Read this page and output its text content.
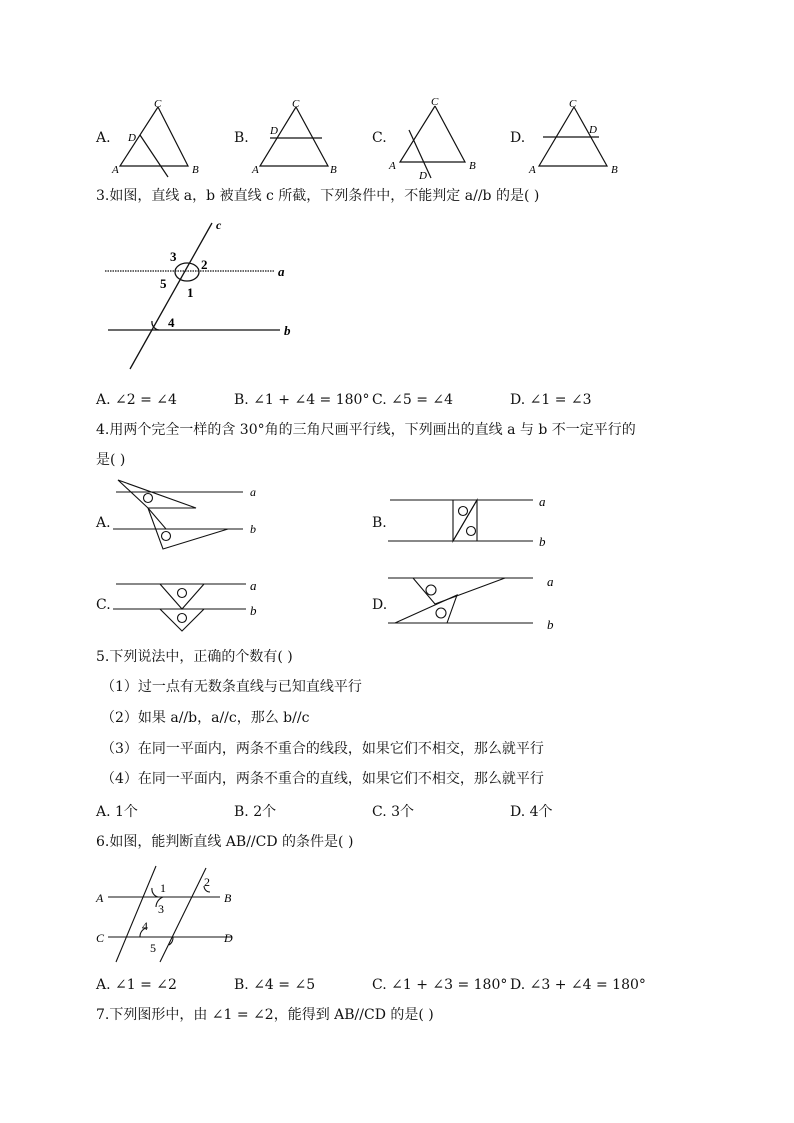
A.
C
D
A	B
B.
C
D
A	B
C.
C
A	B
D
D.
C
D
A	B
3.如图，直线 a，b 被直线 c 所截，下列条件中，不能判定 a//b 的是( )
c
a
b
3
2
5
1
4
A. ∠2 = ∠4	B. ∠1 + ∠4 = 180° C. ∠5 = ∠4	D. ∠1 = ∠3
4.用两个完全一样的含 30°角的三角尺画平行线，下列画出的直线 a 与 b 不一定平行的
是( )
A.
a
b	B.
a
b
C.
a
b	D.
a
b
5.下列说法中，正确的个数有( )
（1）过一点有无数条直线与已知直线平行
（2）如果 a//b，a//c，那么 b//c
（3）在同一平面内，两条不重合的线段，如果它们不相交，那么就平行
（4）在同一平面内，两条不重合的直线，如果它们不相交，那么就平行
A. 1个	B. 2个	C. 3个	D. 4个
6.如图，能判断直线 AB//CD 的条件是( )
A	B
C	D
1	2
3
4
5
A. ∠1 = ∠2	B. ∠4 = ∠5	C. ∠1 + ∠3 = 180° D. ∠3 + ∠4 = 180°
7.下列图形中，由 ∠1 = ∠2，能得到 AB//CD 的是( )
